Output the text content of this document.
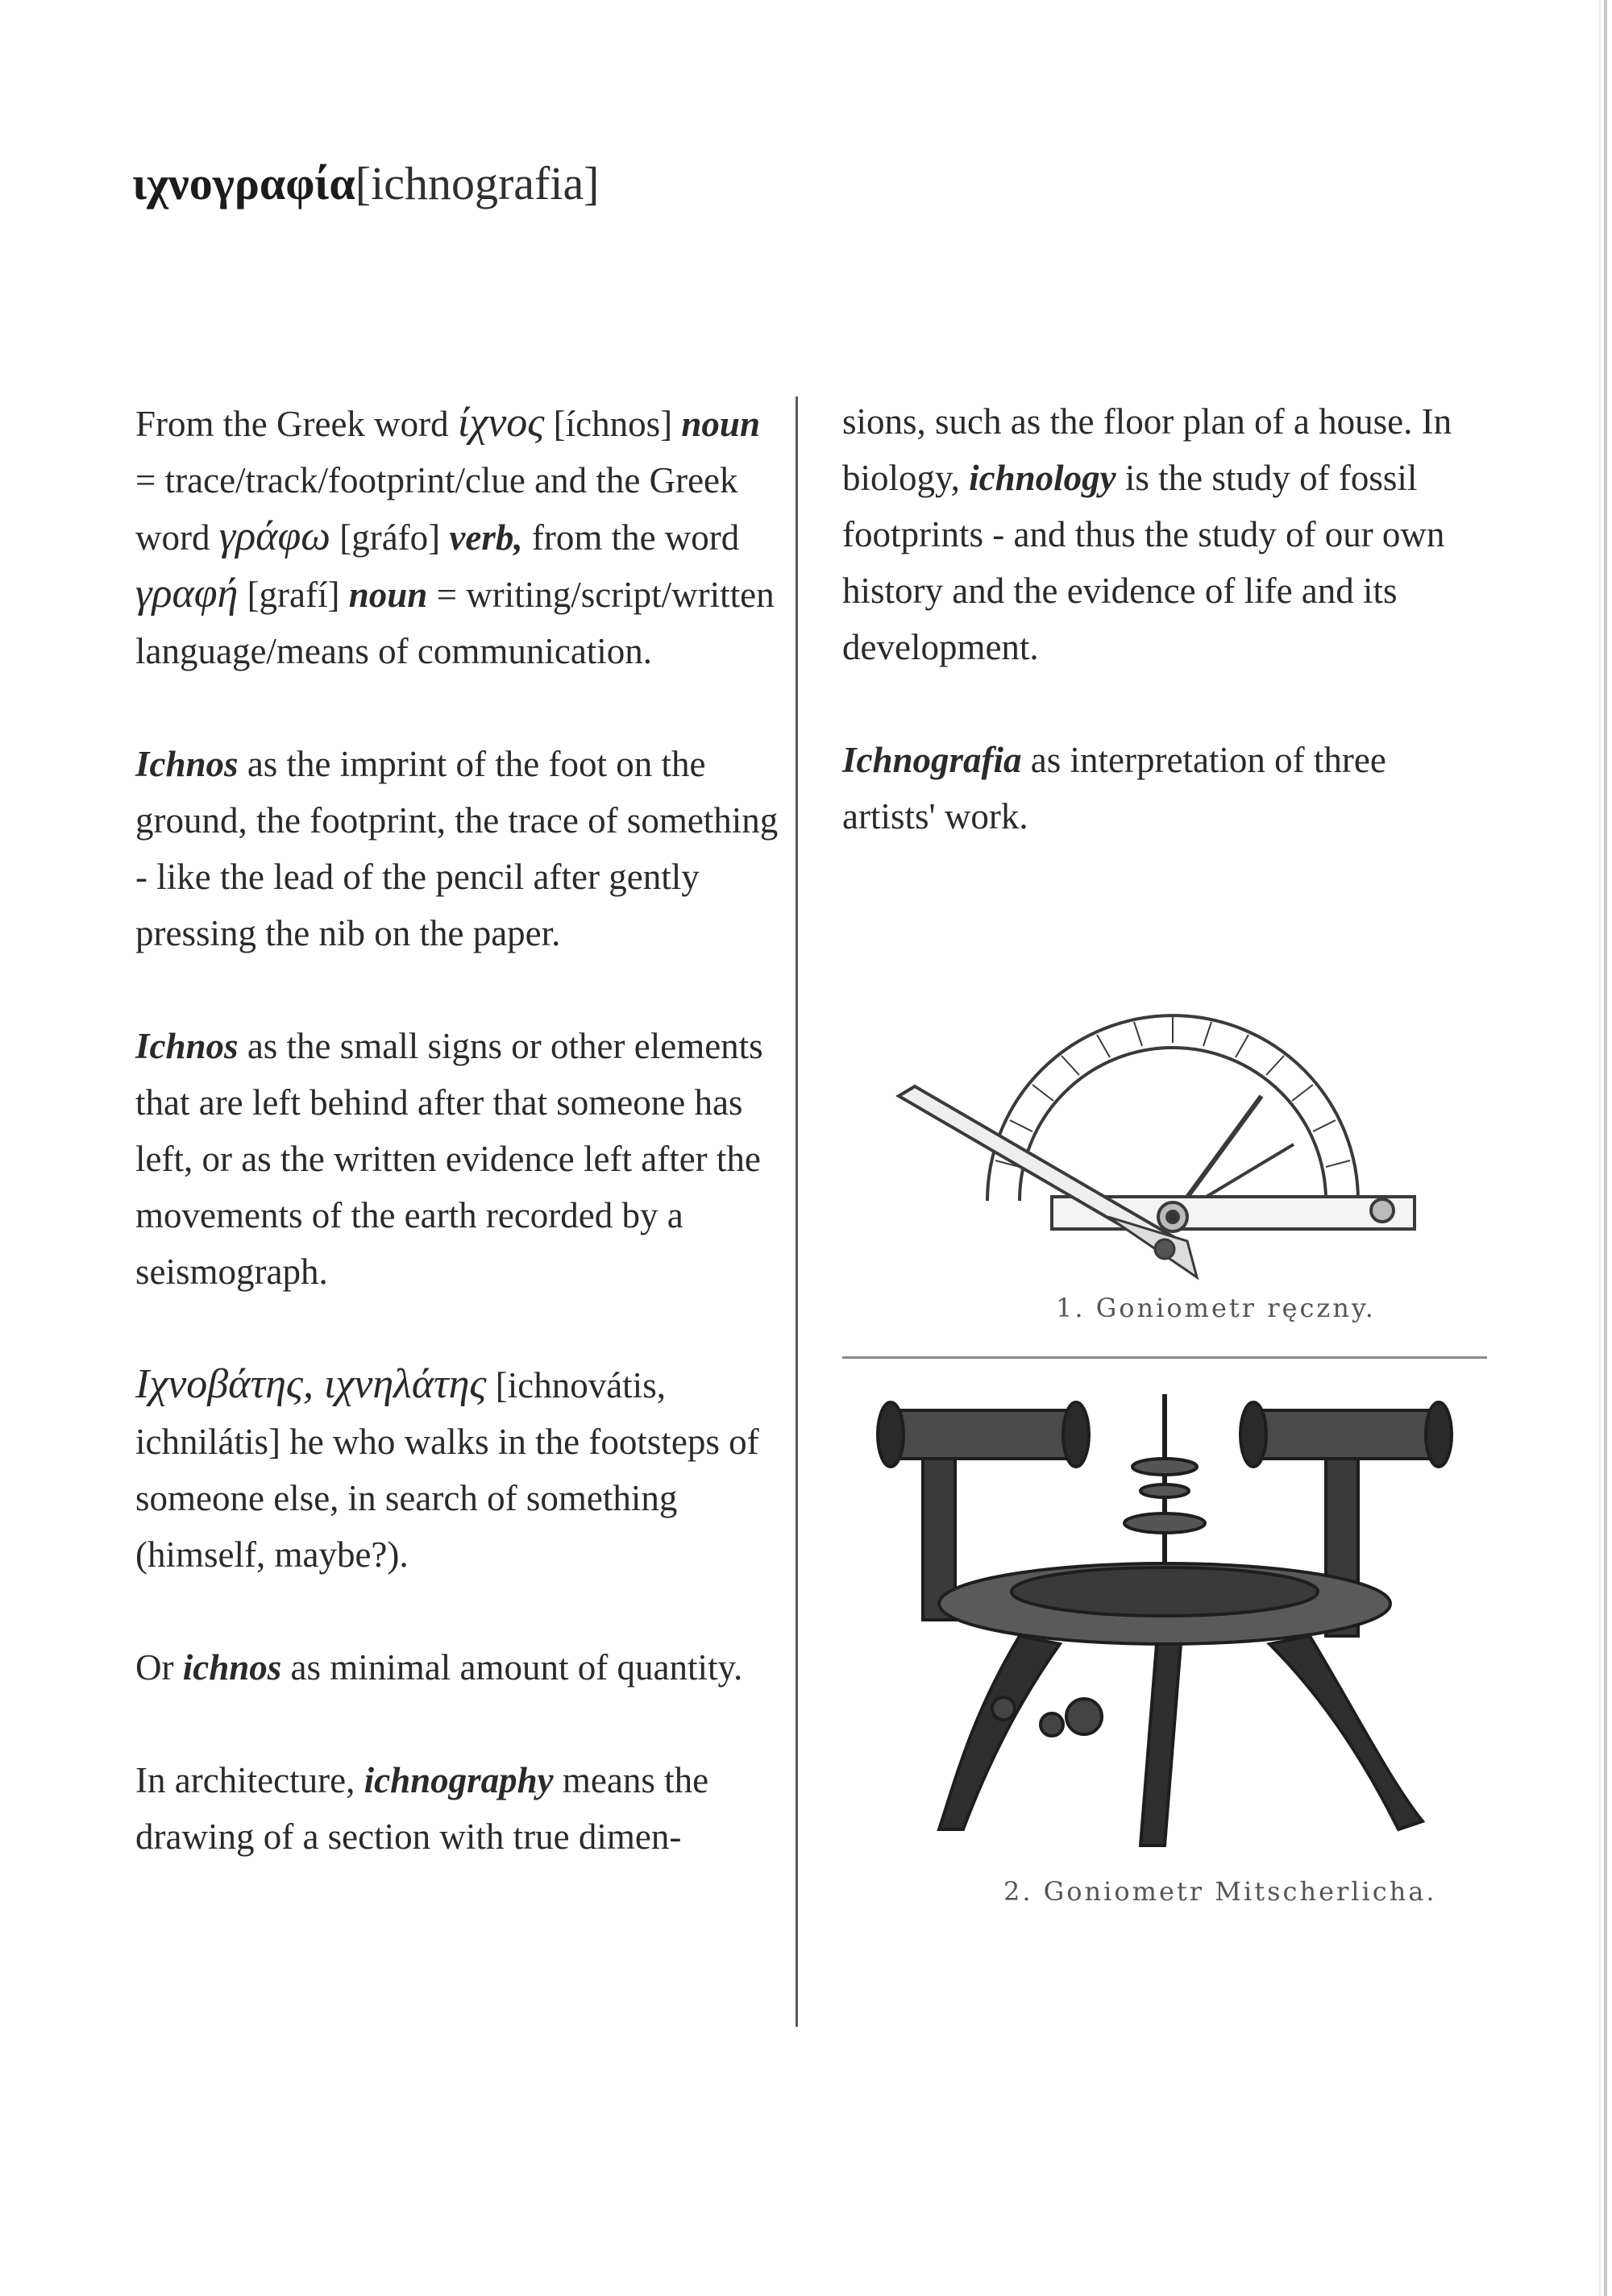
ιχνογραφία[ichnografia]

From the Greek word ίχνος [íchnos] noun = trace/track/footprint/clue and the Greek word γράφω [gráfo] verb, from the word γραφή [grafí] noun = writing/script/written language/means of communication.

Ichnos as the imprint of the foot on the ground, the footprint, the trace of something - like the lead of the pencil after gently pressing the nib on the paper.

Ichnos as the small signs or other elements that are left behind after that someone has left, or as the written evidence left after the movements of the earth recorded by a seismograph.

Ιχνοβάτης, ιχνηλάτης [ichnovátis, ichnilátis] he who walks in the footsteps of someone else, in search of something (himself, maybe?).

Or ichnos as minimal amount of quantity.

In architecture, ichnography means the drawing of a section with true dimen-

sions, such as the floor plan of a house. In biology, ichnology is the study of fossil footprints - and thus the study of our own history and the evidence of life and its development.

Ichnografia as interpretation of three artists' work.

1. Goniometr ręczny.
2. Goniometr Mitscherlicha.
